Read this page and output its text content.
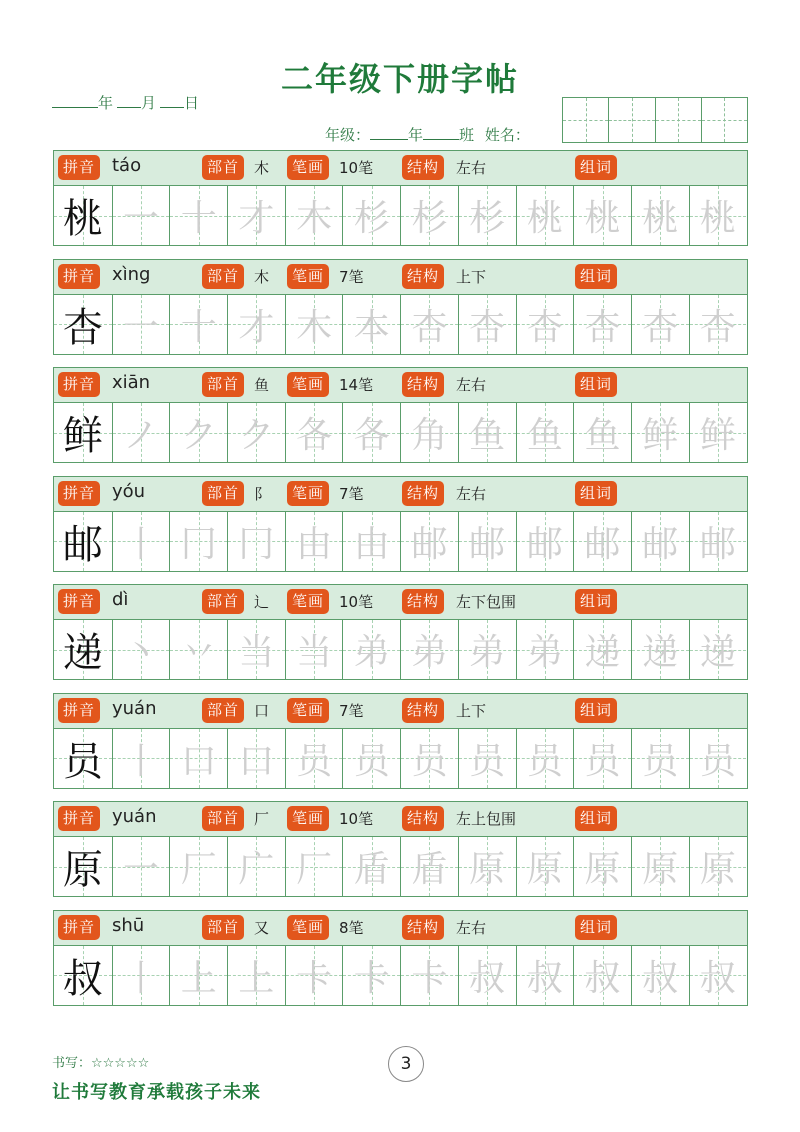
二年级下册字帖
年 月 日
年级：	年 班 姓名：
拼音 táo	部首 木	笔画 10笔	结构	左右	组词
桃 一 十 才 木 杉 杉 杉 桃 桃 桃 桃
拼音 xìng	部首 木	笔画 7笔	结构	上下	组词
杏 一 十 才 木 本 杏 杏 杏 杏 杏 杏
拼音 xiān	部首 鱼	笔画 14笔	结构	左右	组词
鲜 ノ ク ク 各 各 角 鱼 鱼 鱼 鲜 鲜
拼音 yóu	部首 阝	笔画 7笔	结构	左右	组词
邮 丨 冂 冂 由 由 邮 邮 邮 邮 邮 邮
拼音 dì	部首 辶	笔画 10笔	结构	左下包围	组词
递 丶 丷 当 当 弟 弟 弟 弟 递 递 递
拼音 yuán	部首 口	笔画 7笔	结构	上下	组词
员 丨 口 口 员 员 员 员 员 员 员 员
拼音 yuán	部首 厂	笔画 10笔	结构	左上包围	组词
原 一 厂 广 厂 盾 盾 原 原 原 原 原
拼音 shū	部首 又	笔画 8笔	结构	左右	组词
叔 丨 上 上 卡 卡 卡 叔 叔 叔 叔 叔
书写：☆☆☆☆☆
让书写教育承载孩子未来
3
